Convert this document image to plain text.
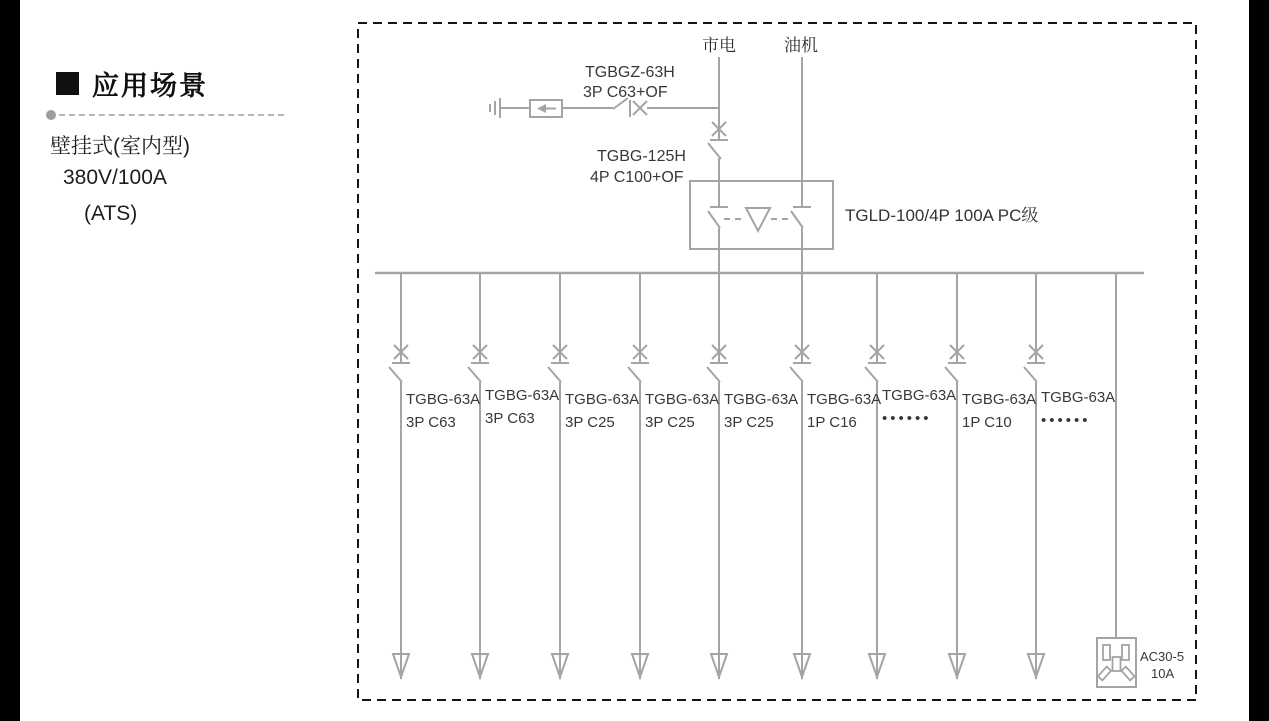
应用场景
壁挂式(室内型)
380V/100A
(ATS)
市电	油机
TGBGZ-63H
3P C63+OF
TGBG-125H
4P C100+OF
TGLD-100/4P 100A PC级
TGBG-63A
3P C63
TGBG-63A
3P C63
TGBG-63A
3P C25
TGBG-63A
3P C25
TGBG-63A
3P C25
TGBG-63A
1P C16
TGBG-63A
••••••
TGBG-63A
1P C10
TGBG-63A
••••••
AC30-5
10A
